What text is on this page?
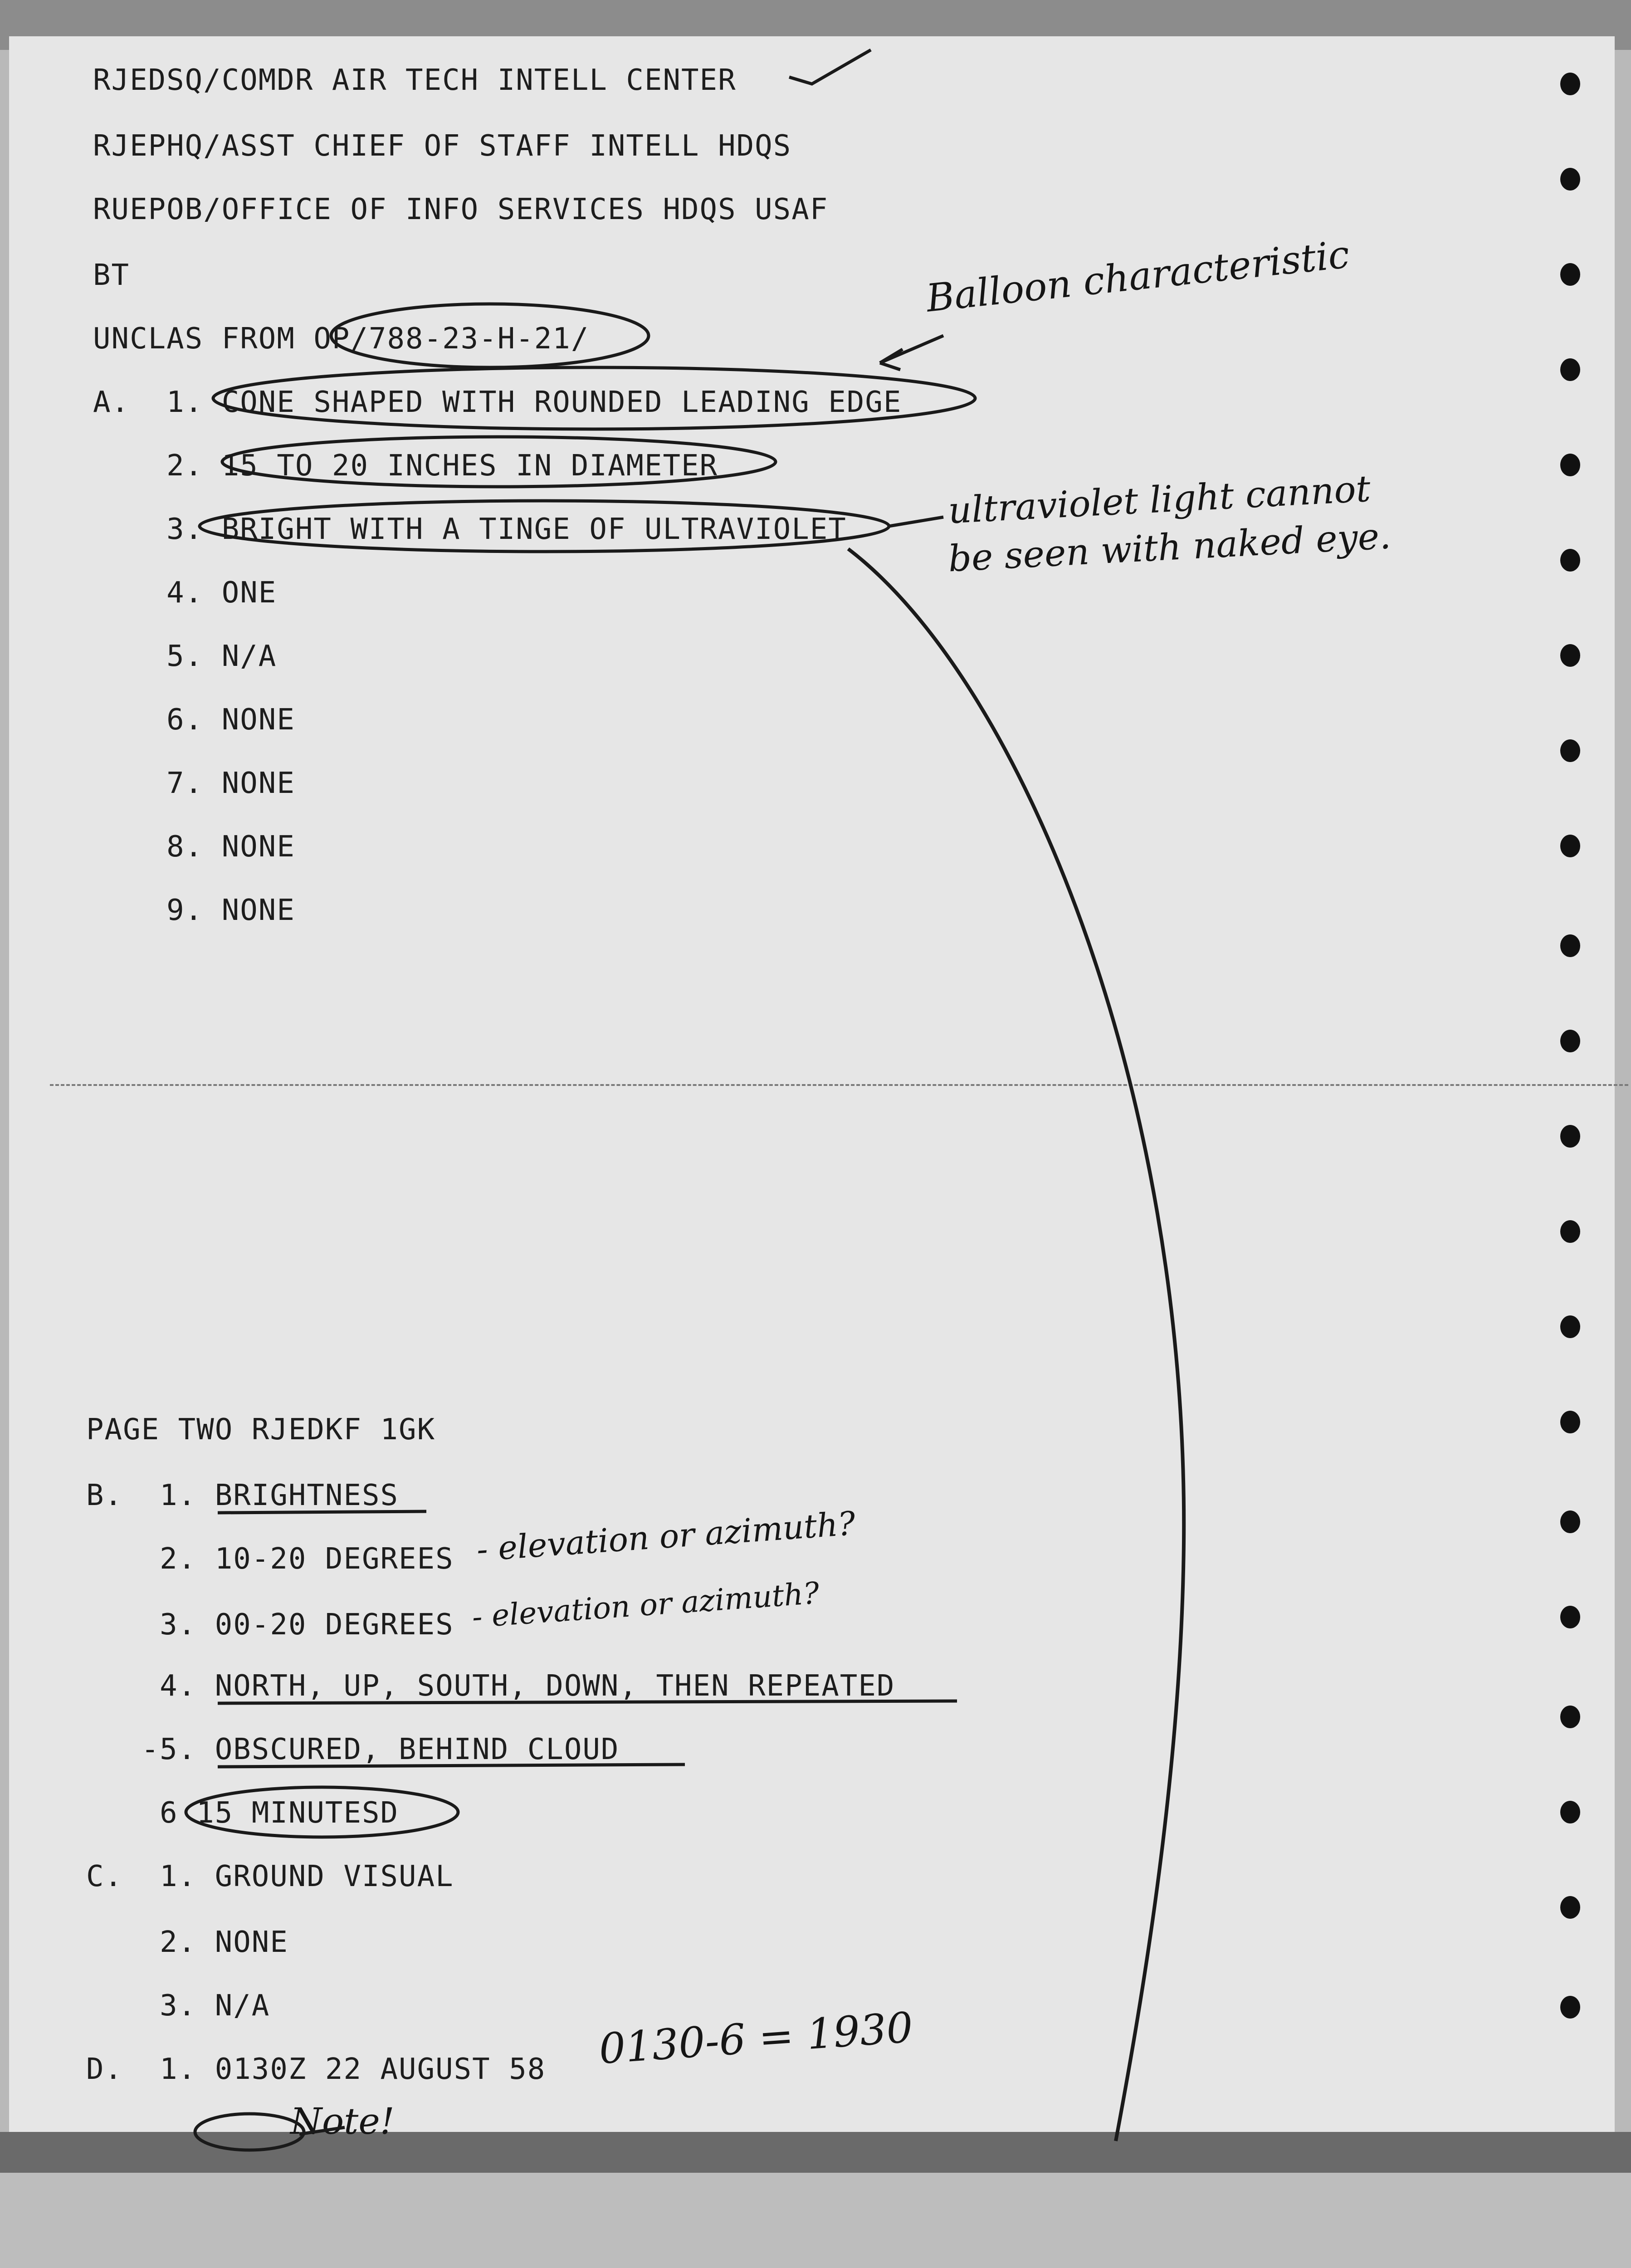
RJEDSQ/COMDR AIR TECH INTELL CENTER
RJEPHQ/ASST CHIEF OF STAFF INTELL HDQS
RUEPOB/OFFICE OF INFO SERVICES HDQS USAF
BT
UNCLAS FROM OP/788-23-H-21/
A.  1. CONE SHAPED WITH ROUNDED LEADING EDGE
2. 15 TO 20 INCHES IN DIAMETER
3. BRIGHT WITH A TINGE OF ULTRAVIOLET
4. ONE
5. N/A
6. NONE
7. NONE
8. NONE
9. NONE
PAGE TWO RJEDKF 1GK
B.  1. BRIGHTNESS
2. 10-20 DEGREES
3. 00-20 DEGREES
4. NORTH, UP, SOUTH, DOWN, THEN REPEATED
-5. OBSCURED, BEHIND CLOUD
6 15 MINUTESD
C.  1. GROUND VISUAL
2. NONE
3. N/A
D.  1. 0130Z 22 AUGUST 58
Balloon characteristic
ultraviolet light cannot
be seen with naked eye.
- elevation or azimuth?
- elevation or azimuth?
0130-6 = 1930
Note!
